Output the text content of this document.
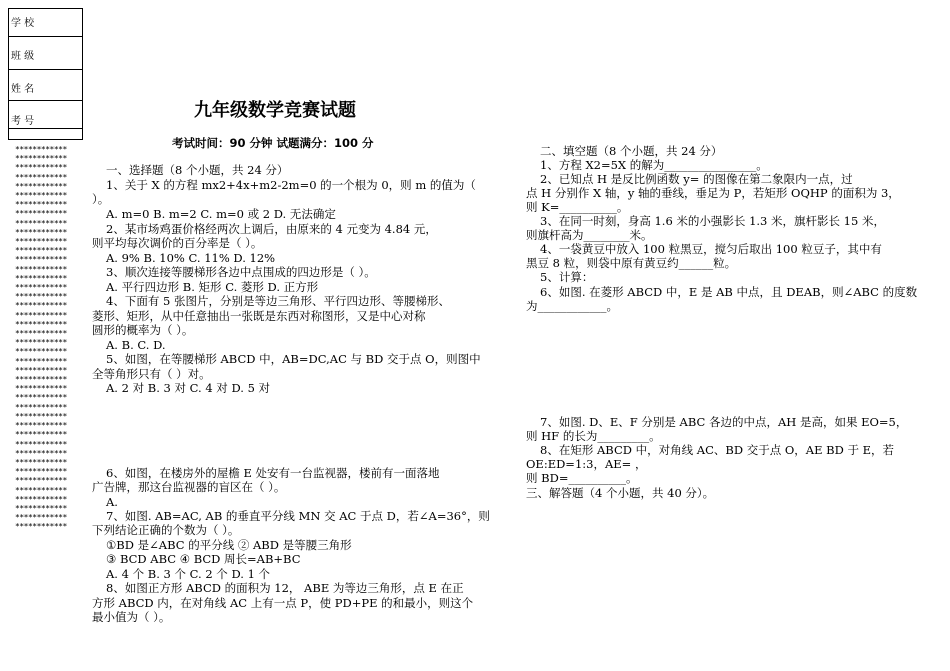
学 校
班 级
姓 名
考 号
************
************
************
************
************
************
************
************
************
************
************
************
************
************
************
************
************
************
************
************
************
************
************
************
************
************
************
************
************
************
************
************
************
************
************
************
************
************
************
************
************
************
九年级数学竞赛试题
考试时间：90 分钟 试题满分：100 分
一、选择题（8 个小题，共 24 分）
1、关于 X 的方程 mx2+4x+m2-2m=0 的一个根为 0，则 m 的值为（
）。
A. m=0 B. m=2 C. m=0 或 2 D. 无法确定
2、某市场鸡蛋价格经两次上调后，由原来的 4 元变为 4.84 元，
则平均每次调价的百分率是（ ）。
A. 9% B. 10% C. 11% D. 12%
3、顺次连接等腰梯形各边中点围成的四边形是（ ）。
A. 平行四边形 B. 矩形 C. 菱形 D. 正方形
4、下面有 5 张图片，分别是等边三角形、平行四边形、等腰梯形、
菱形、矩形，从中任意抽出一张既是东西对称图形，又是中心对称
圆形的概率为（ ）。
A. B. C. D.
5、如图，在等腰梯形 ABCD 中，AB=DC,AC 与 BD 交于点 O，则图中
全等角形只有（ ）对。
A. 2 对 B. 3 对 C. 4 对 D. 5 对
6、如图，在楼房外的屋檐 E 处安有一台监视器，楼前有一面落地
广告牌，那这台监视器的盲区在（ ）。
A.
7、如图. AB=AC, AB 的垂直平分线 MN 交 AC 于点 D，若∠A=36°，则
下列结论正确的个数为（ ）。
①BD 是∠ABC 的平分线 ② ABD 是等腰三角形
③ BCD ABC ④ BCD 周长=AB+BC
A. 4 个 B. 3 个 C. 2 个 D. 1 个
8、如图正方形 ABCD 的面积为 12， ABE 为等边三角形，点 E 在正
方形 ABCD 内，在对角线 AC 上有一点 P，使 PD+PE 的和最小，则这个
最小值为（ ）。
二、填空题（8 个小题，共 24 分）
1、方程 X2=5X 的解为________________。
2、已知点 H 是反比例函数 y= 的图像在第二象限内一点，过
点 H 分别作 X 轴，y 轴的垂线，垂足为 P，若矩形 OQHP 的面积为 3，
则 K=__________。
3、在同一时刻，身高 1.6 米的小强影长 1.3 米，旗杆影长 15 米，
则旗杆高为________米。
4、一袋黄豆中放入 100 粒黑豆，搅匀后取出 100 粒豆子，其中有
黑豆 8 粒，则袋中原有黄豆约______粒。
5、计算：
6、如图. 在菱形 ABCD 中，E 是 AB 中点，且 DEAB，则∠ABC 的度数
为____________。
7、如图. D、E、F 分别是 ABC 各边的中点，AH 是高，如果 EO=5，
则 HF 的长为_________。
8、在矩形 ABCD 中，对角线 AC、BD 交于点 O，AE BD 于 E，若
OE:ED=1:3，AE= ，
则 BD=__________。
三、解答题（4 个小题，共 40 分）。
